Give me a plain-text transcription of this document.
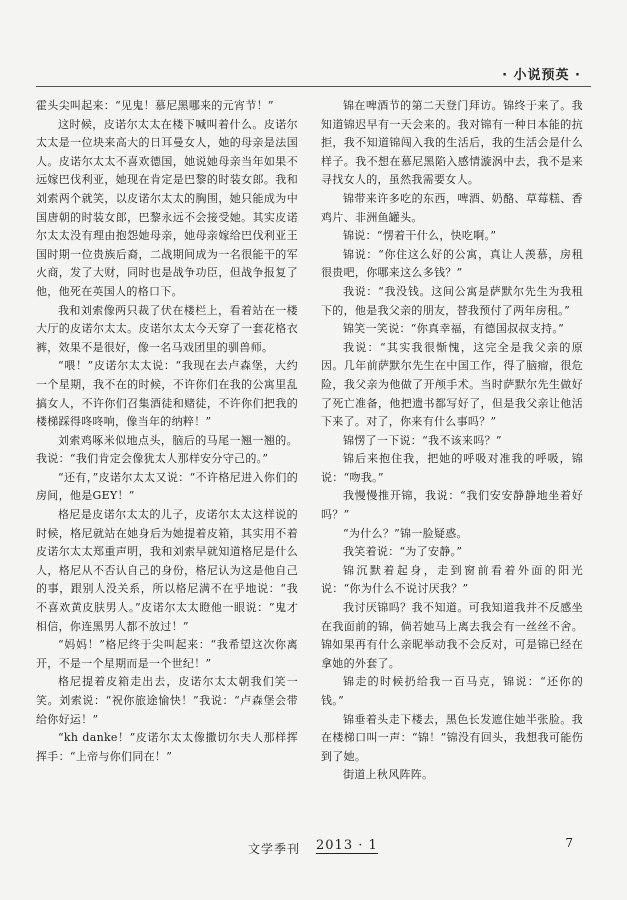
· 小说预英 ·

霍头尖叫起来：“见鬼！慕尼黑哪来的元宵节！”

这时候，皮诺尔太太在楼下喊叫着什么。皮诺尔太太是一位块来高大的日耳曼女人，她的母亲是法国人。皮诺尔太太不喜欢德国，她说她母亲当年如果不远嫁巴伐利亚，她现在肯定是巴黎的时装女郎。我和刘索两个就笑，以皮诺尔太太的胸围，她只能成为中国唐朝的时装女郎，巴黎永远不会接受她。其实皮诺尔太太没有理由抱怨她母亲，她母亲嫁给巴伐利亚王国时期一位贵族后裔，二战期间成为一名很能干的军火商，发了大财，同时也是战争功臣，但战争报复了他，他死在英国人的格口下。

我和刘索像两只裁了伏在楼栏上，看着站在一楼大厅的皮诺尔太太。皮诺尔太太今天穿了一套花格衣裤，效果不是很好，像一名马戏团里的驯兽师。

“喂！”皮诺尔太太说：“我现在去卢森堡，大约一个星期，我不在的时候，不许你们在我的公寓里乱搞女人，不许你们召集酒徒和赌徒，不许你们把我的楼梯踩得咚咚响，像当年的纳粹！”

刘索鸡啄米似地点头，脑后的马尾一翘一翘的。我说：“我们肯定会像犹太人那样安分守己的。”

“还有，”皮诺尔太太又说：“不许格尼进入你们的房间，他是GEY！”

格尼是皮诺尔太太的儿子，皮诺尔太太这样说的时候，格尼就站在她身后为她提着皮箱，其实用不着皮诺尔太太郑重声明，我和刘索早就知道格尼是什么人，格尼从不否认自己的身份，格尼认为这是他自己的事，跟别人没关系，所以格尼满不在乎地说：“我不喜欢黄皮肤男人。”皮诺尔太太瞪他一眼说：“鬼才相信，你连黑男人都不放过！”

“妈妈！”格尼终于尖叫起来：“我希望这次你离开，不是一个星期而是一个世纪！”

格尼提着皮箱走出去，皮诺尔太太朝我们笑一笑。刘索说：“祝你旅途愉快！”我说：“卢森堡会带给你好运！”

“kh danke！”皮诺尔太太像撒切尔夫人那样挥挥手：“上帝与你们同在！”

锦在啤酒节的第二天登门拜访。锦终于来了。我知道锦迟早有一天会来的。我对锦有一种日本能的抗拒，我不知道锦闯入我的生活后，我的生活会是什么样子。我不想在慕尼黑陷入感情漩涡中去，我不是来寻找女人的，虽然我需要女人。

锦带来许多吃的东西，啤酒、奶酪、草莓糕、香鸡片、非洲鱼罐头。

锦说：“愣着干什么，快吃啊。”

锦说：“你住这么好的公寓，真让人羡慕，房租很贵吧，你哪来这么多钱？”

我说：“我没钱。这间公寓是萨默尔先生为我租下的，他是我父亲的朋友，替我预付了两年房租。”

锦笑一笑说：“你真幸福，有德国叔叔支持。”

我说：“其实我很惭愧，这完全是我父亲的原因。几年前萨默尔先生在中国工作，得了脑瘤，很危险，我父亲为他做了开颅手术。当时萨默尔先生做好了死亡准备，他把遗书都写好了，但是我父亲让他活下来了。对了，你来有什么事吗？”

锦愣了一下说：“我不该来吗？”

锦后来抱住我，把她的呼吸对准我的呼吸，锦说：“吻我。”

我慢慢推开锦，我说：“我们安安静静地坐着好吗？”

“为什么？”锦一脸疑惑。

我笑着说：“为了安静。”

锦沉默着起身，走到窗前看着外面的阳光说：“你为什么不说讨厌我？”

我讨厌锦吗？我不知道。可我知道我并不反感坐在我面前的锦，倘若她马上离去我会有一丝丝不舍。锦如果再有什么亲昵举动我不会反对，可是锦已经在拿她的外套了。

锦走的时候扔给我一百马克，锦说：“还你的钱。”

锦垂着头走下楼去，黑色长发遮住她半张脸。我在楼梯口叫一声：“锦！”锦没有回头，我想我可能伤到了她。

街道上秋风阵阵。

文学季刊 2013 · 1	7
